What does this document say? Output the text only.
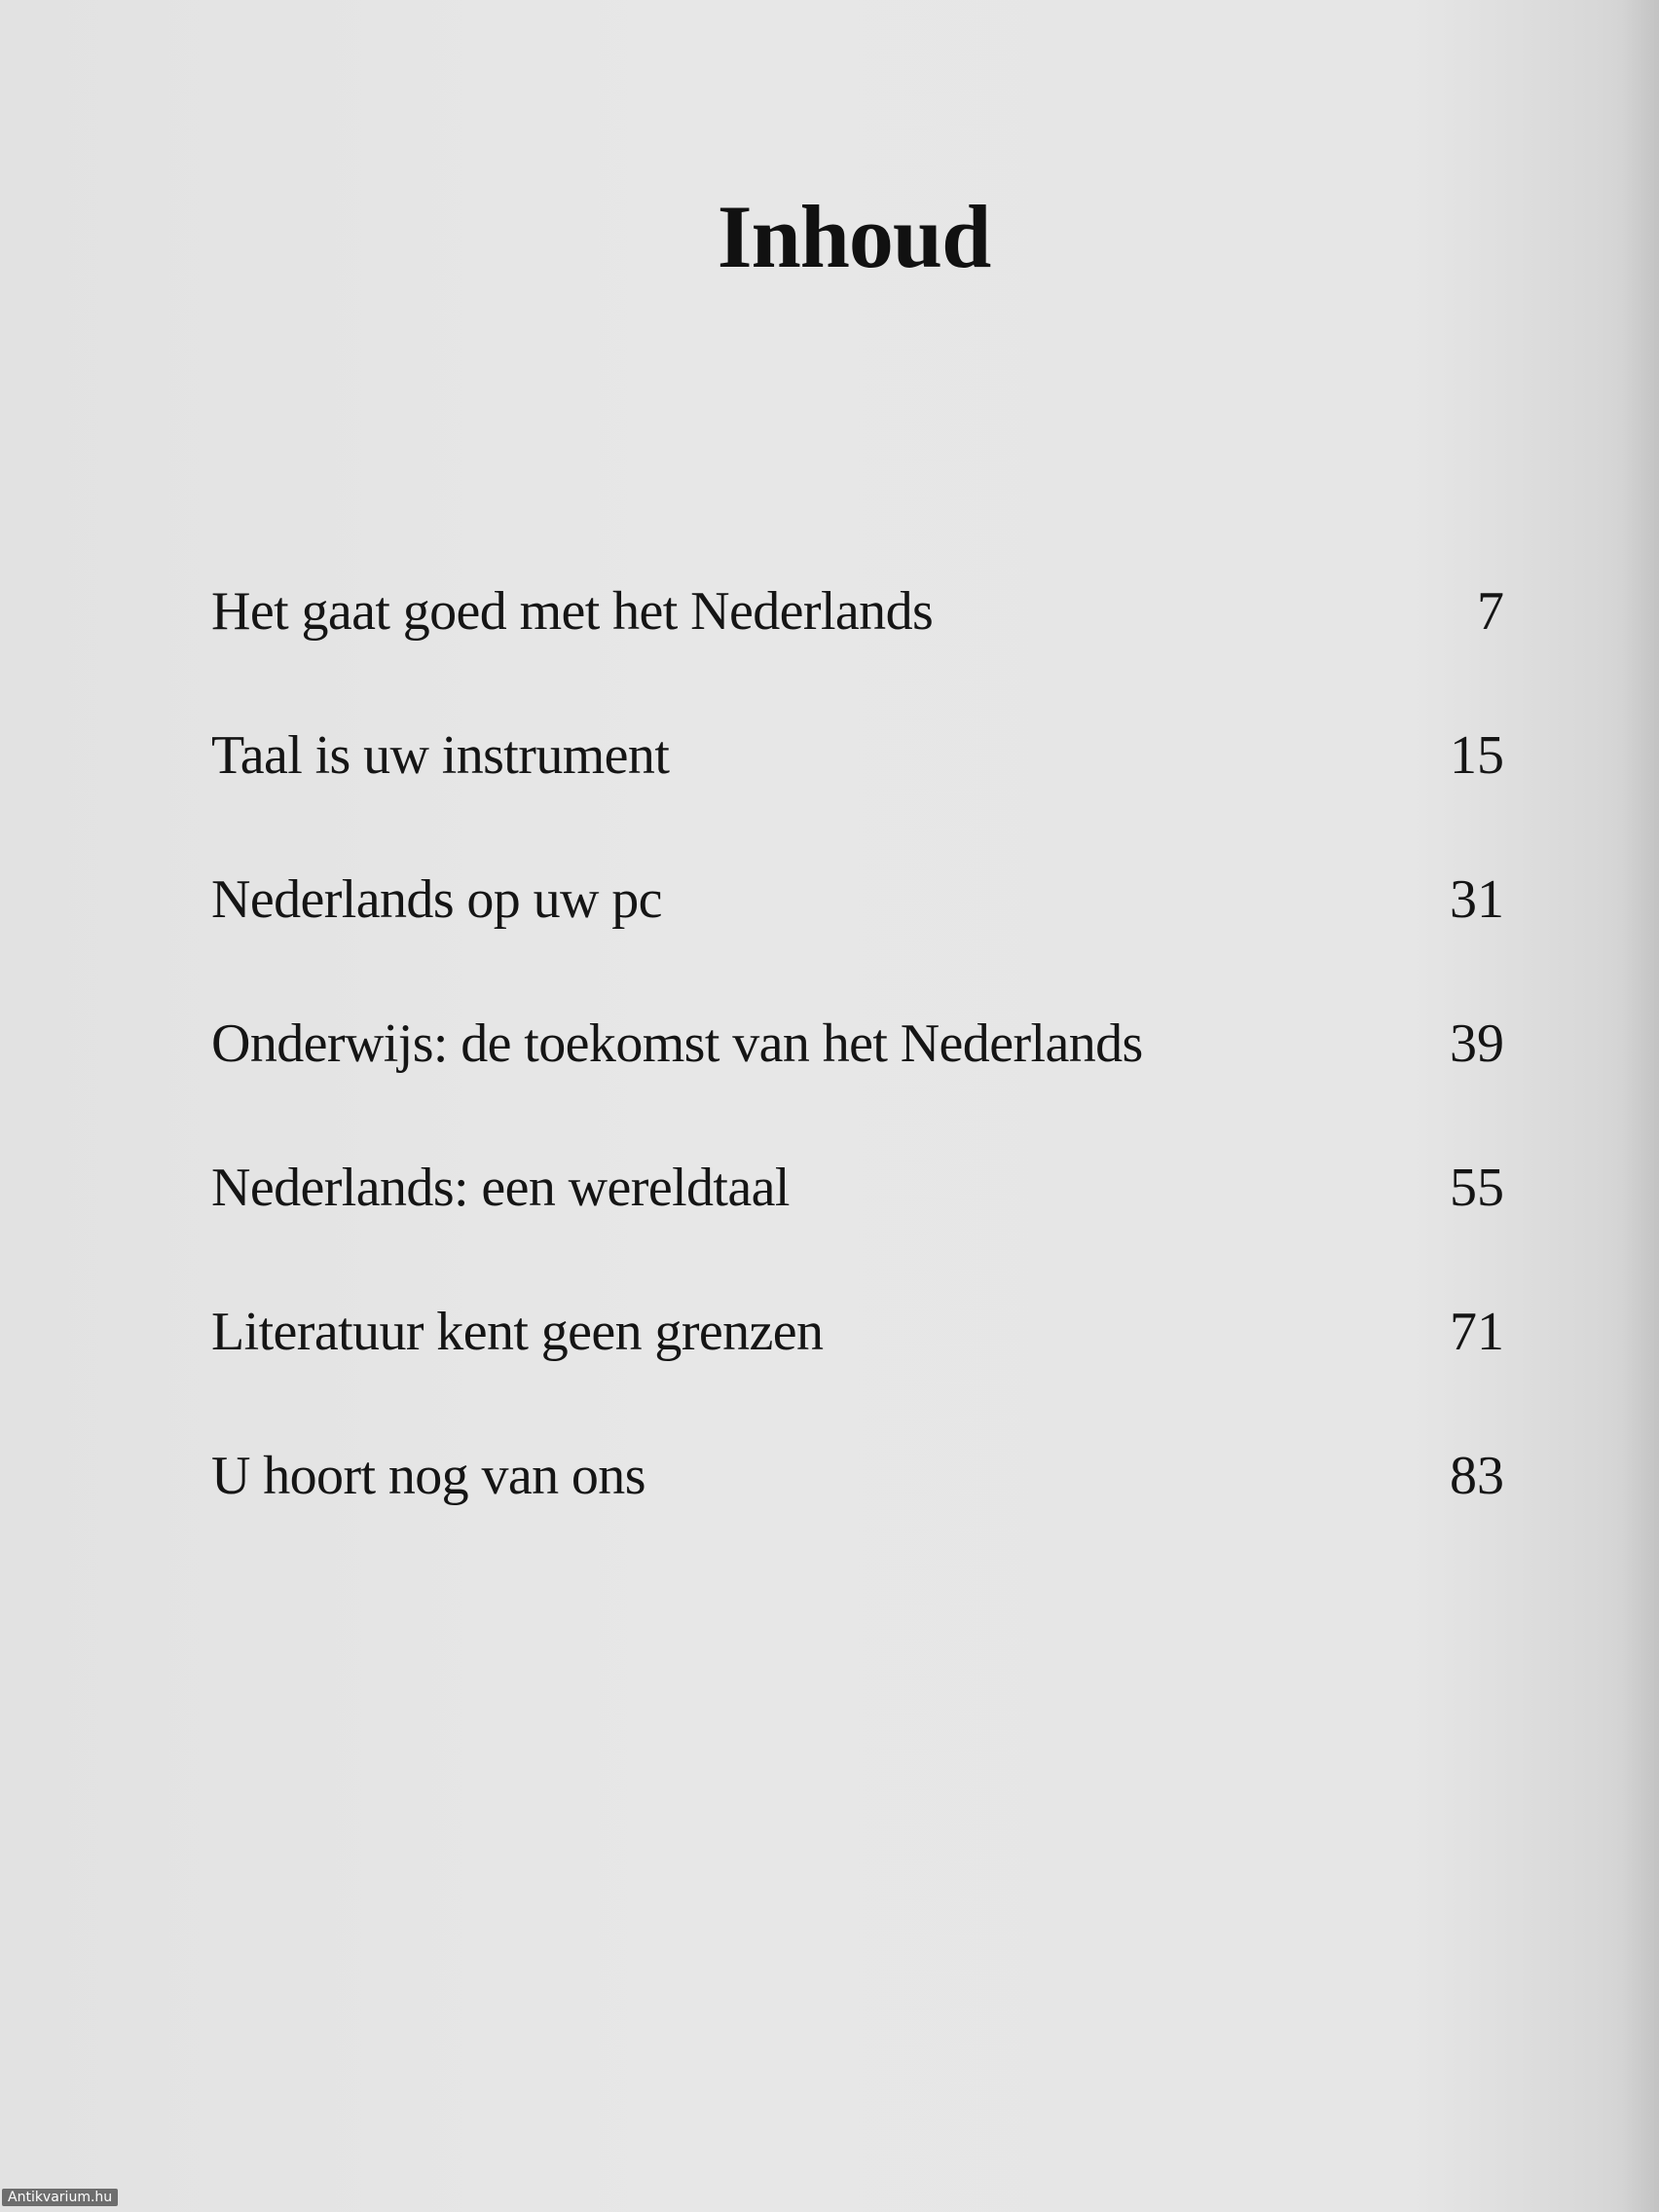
Inhoud
Het gaat goed met het Nederlands	7
Taal is uw instrument	15
Nederlands op uw pc	31
Onderwijs: de toekomst van het Nederlands	39
Nederlands: een wereldtaal	55
Literatuur kent geen grenzen	71
U hoort nog van ons	83
Antikvarium.hu
